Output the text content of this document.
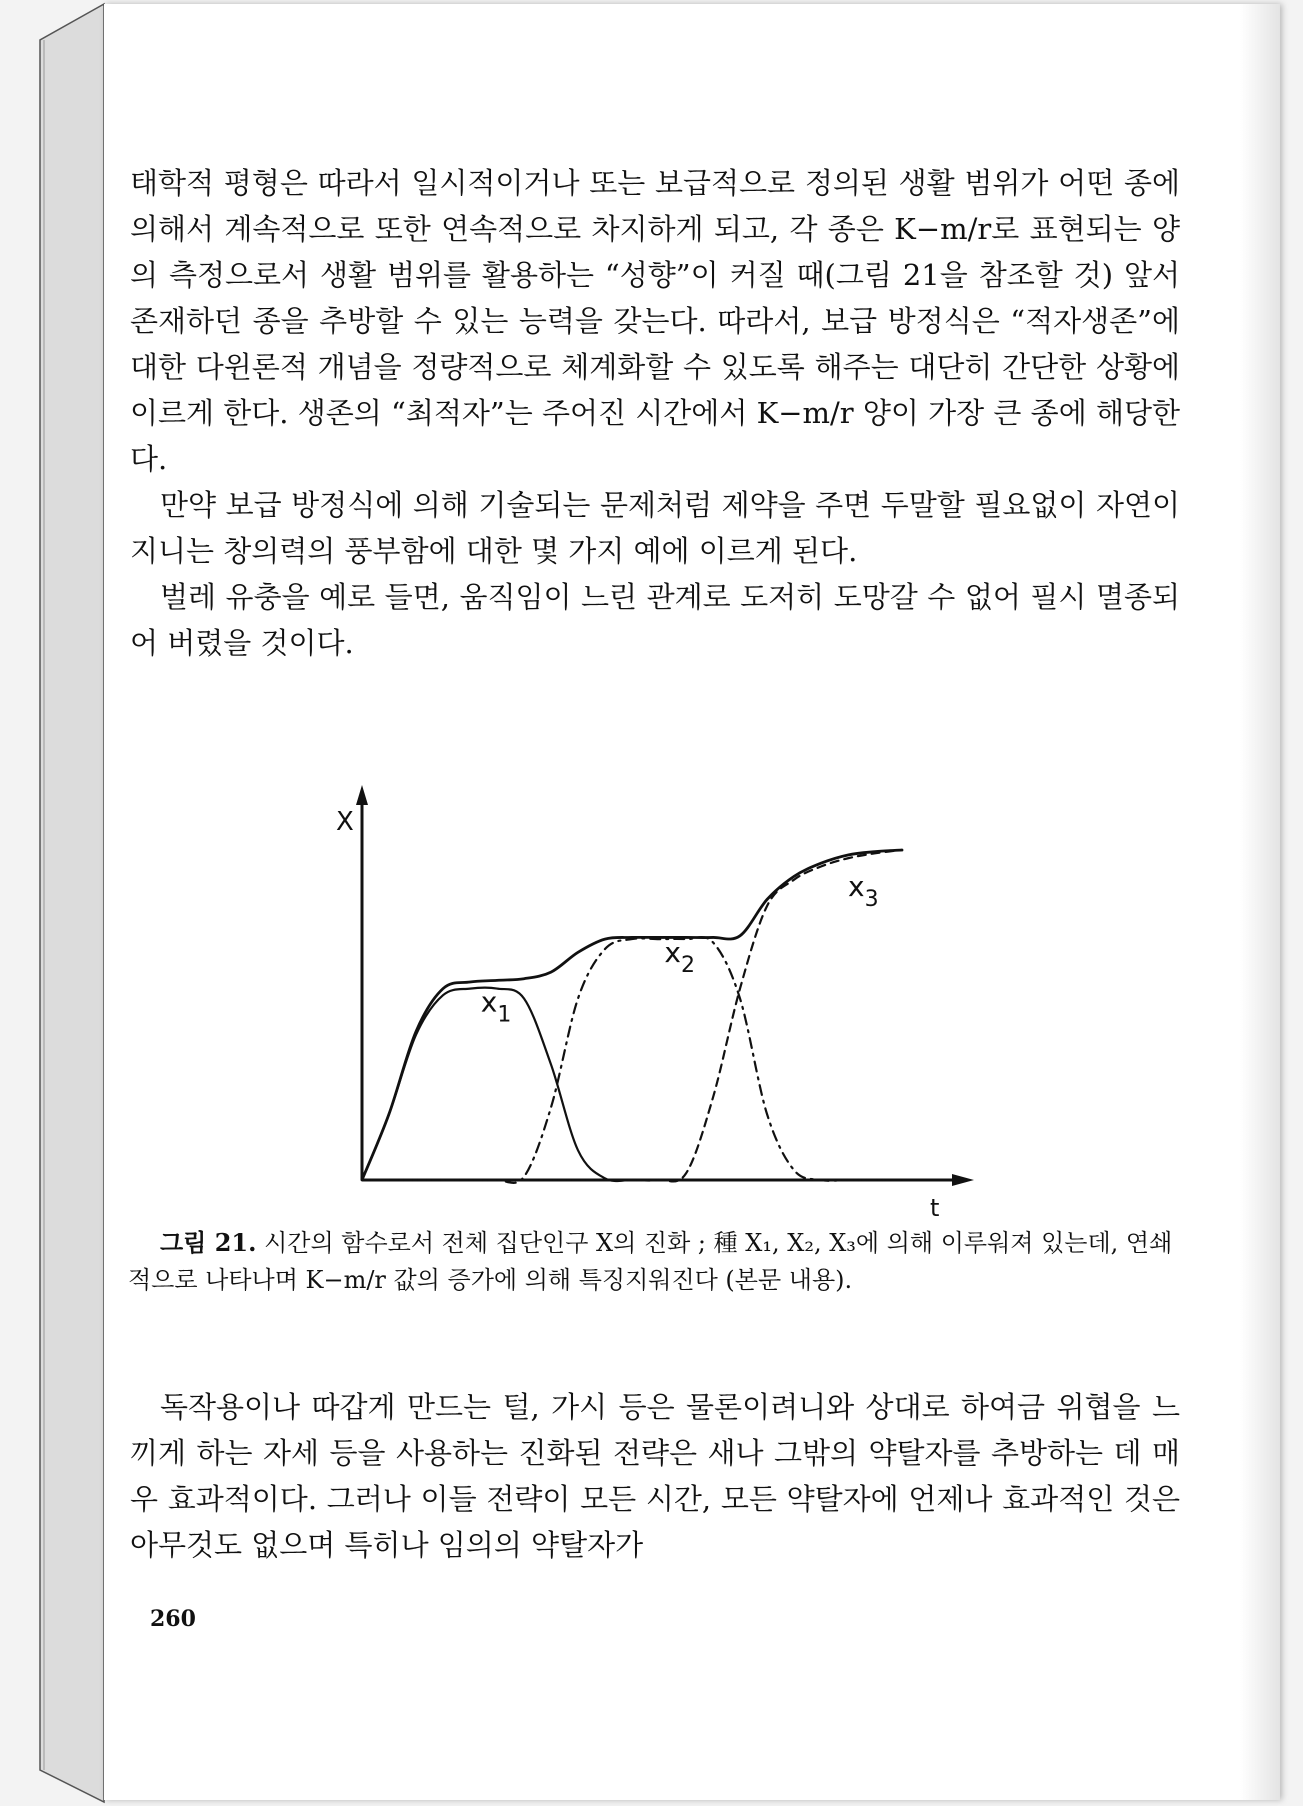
태학적 평형은 따라서 일시적이거나 또는 보급적으로 정의된 생활 범위가 어떤 종에 의해서 계속적으로 또한 연속적으로 차지하게 되고, 각 종은 K−m/r로 표현되는 양의 측정으로서 생활 범위를 활용하는 “성향”이 커질 때(그림 21을 참조할 것) 앞서 존재하던 종을 추방할 수 있는 능력을 갖는다. 따라서, 보급 방정식은 “적자생존”에 대한 다윈론적 개념을 정량적으로 체계화할 수 있도록 해주는 대단히 간단한 상황에 이르게 한다. 생존의 “최적자”는 주어진 시간에서 K−m/r 양이 가장 큰 종에 해당한다.

만약 보급 방정식에 의해 기술되는 문제처럼 제약을 주면 두말할 필요없이 자연이 지니는 창의력의 풍부함에 대한 몇 가지 예에 이르게 된다.

벌레 유충을 예로 들면, 움직임이 느린 관계로 도저히 도망갈 수 없어 필시 멸종되어 버렸을 것이다.

X
t
$x_1$
$x_2$
$x_3$
그림 21. 시간의 함수로서 전체 집단인구 X의 진화 ; 種 X₁, X₂, X₃에 의해 이루워져 있는데, 연쇄적으로 나타나며 K−m/r 값의 증가에 의해 특징지워진다 (본문 내용).

독작용이나 따갑게 만드는 털, 가시 등은 물론이려니와 상대로 하여금 위협을 느끼게 하는 자세 등을 사용하는 진화된 전략은 새나 그밖의 약탈자를 추방하는 데 매우 효과적이다. 그러나 이들 전략이 모든 시간, 모든 약탈자에 언제나 효과적인 것은 아무것도 없으며 특히나 임의의 약탈자가

260
